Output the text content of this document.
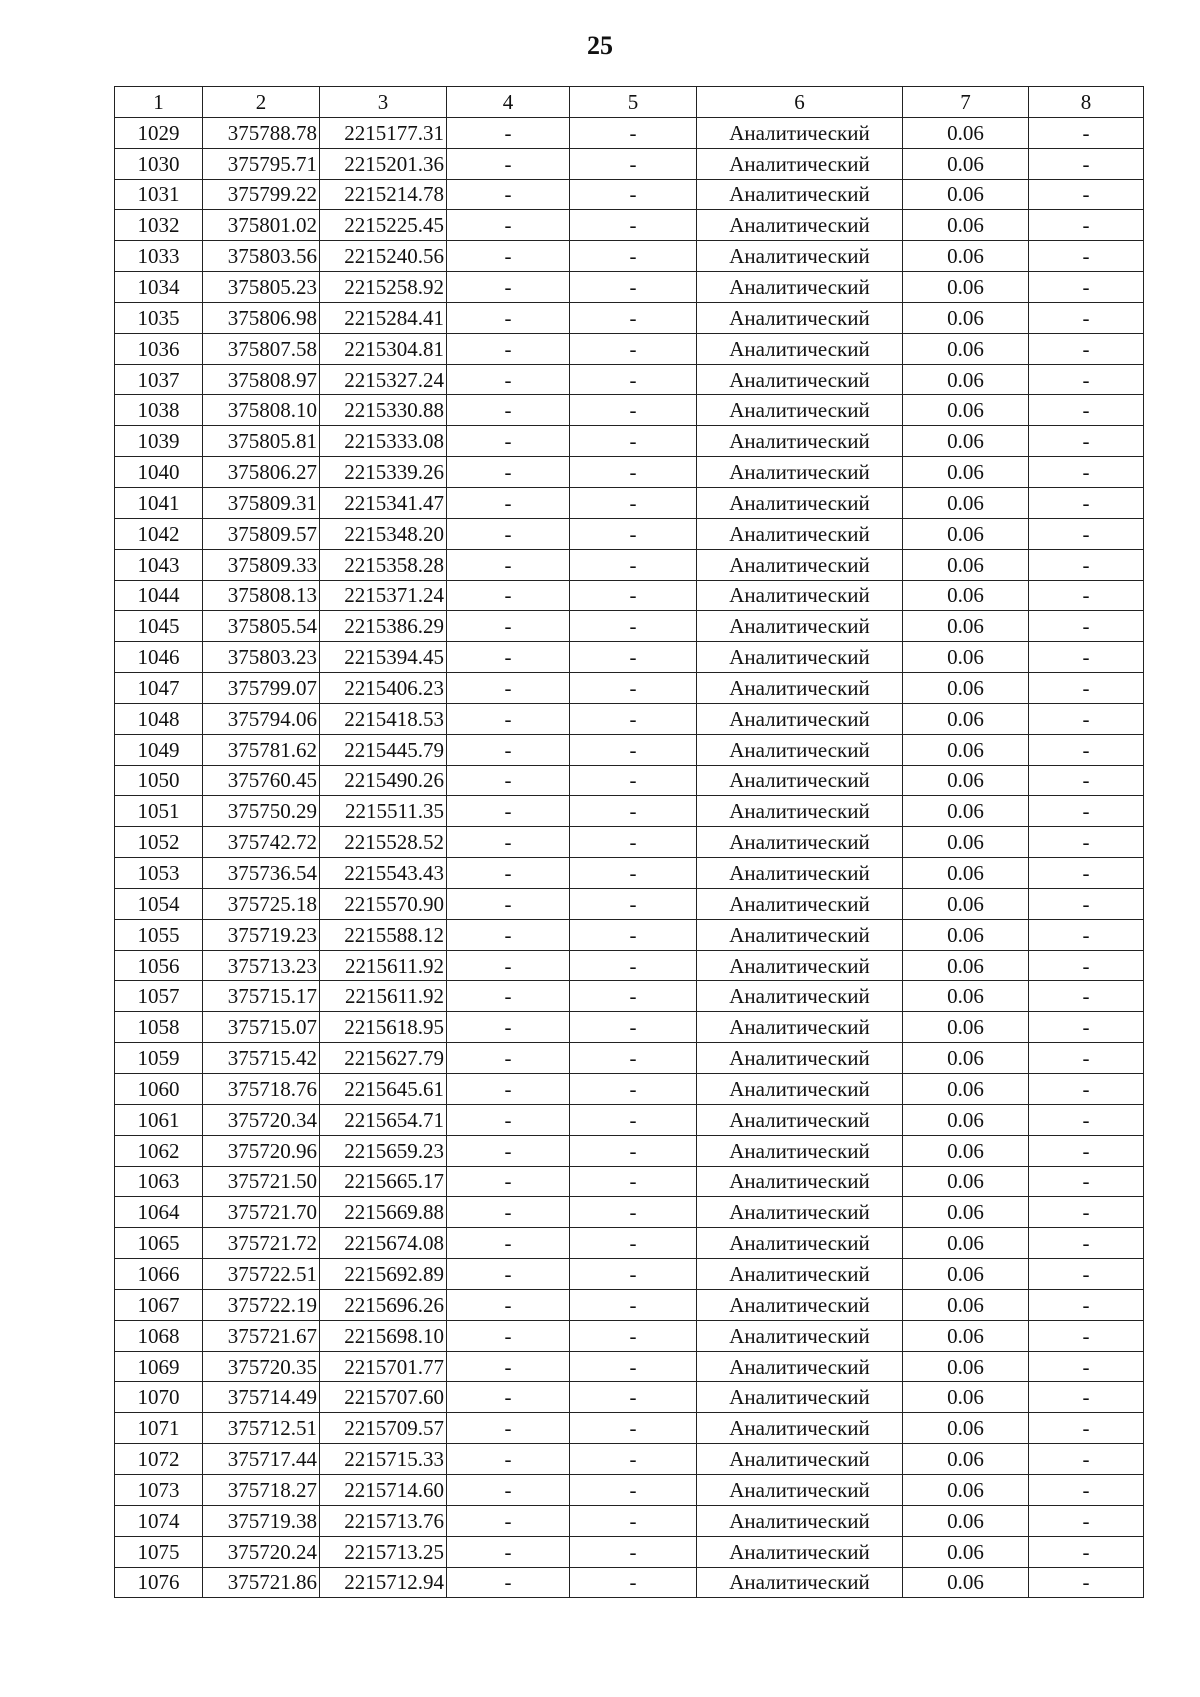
25
1	2	3	4	5	6	7	8
1029	375788.78	2215177.31	-	-	Аналитический	0.06	-
1030	375795.71	2215201.36	-	-	Аналитический	0.06	-
1031	375799.22	2215214.78	-	-	Аналитический	0.06	-
1032	375801.02	2215225.45	-	-	Аналитический	0.06	-
1033	375803.56	2215240.56	-	-	Аналитический	0.06	-
1034	375805.23	2215258.92	-	-	Аналитический	0.06	-
1035	375806.98	2215284.41	-	-	Аналитический	0.06	-
1036	375807.58	2215304.81	-	-	Аналитический	0.06	-
1037	375808.97	2215327.24	-	-	Аналитический	0.06	-
1038	375808.10	2215330.88	-	-	Аналитический	0.06	-
1039	375805.81	2215333.08	-	-	Аналитический	0.06	-
1040	375806.27	2215339.26	-	-	Аналитический	0.06	-
1041	375809.31	2215341.47	-	-	Аналитический	0.06	-
1042	375809.57	2215348.20	-	-	Аналитический	0.06	-
1043	375809.33	2215358.28	-	-	Аналитический	0.06	-
1044	375808.13	2215371.24	-	-	Аналитический	0.06	-
1045	375805.54	2215386.29	-	-	Аналитический	0.06	-
1046	375803.23	2215394.45	-	-	Аналитический	0.06	-
1047	375799.07	2215406.23	-	-	Аналитический	0.06	-
1048	375794.06	2215418.53	-	-	Аналитический	0.06	-
1049	375781.62	2215445.79	-	-	Аналитический	0.06	-
1050	375760.45	2215490.26	-	-	Аналитический	0.06	-
1051	375750.29	2215511.35	-	-	Аналитический	0.06	-
1052	375742.72	2215528.52	-	-	Аналитический	0.06	-
1053	375736.54	2215543.43	-	-	Аналитический	0.06	-
1054	375725.18	2215570.90	-	-	Аналитический	0.06	-
1055	375719.23	2215588.12	-	-	Аналитический	0.06	-
1056	375713.23	2215611.92	-	-	Аналитический	0.06	-
1057	375715.17	2215611.92	-	-	Аналитический	0.06	-
1058	375715.07	2215618.95	-	-	Аналитический	0.06	-
1059	375715.42	2215627.79	-	-	Аналитический	0.06	-
1060	375718.76	2215645.61	-	-	Аналитический	0.06	-
1061	375720.34	2215654.71	-	-	Аналитический	0.06	-
1062	375720.96	2215659.23	-	-	Аналитический	0.06	-
1063	375721.50	2215665.17	-	-	Аналитический	0.06	-
1064	375721.70	2215669.88	-	-	Аналитический	0.06	-
1065	375721.72	2215674.08	-	-	Аналитический	0.06	-
1066	375722.51	2215692.89	-	-	Аналитический	0.06	-
1067	375722.19	2215696.26	-	-	Аналитический	0.06	-
1068	375721.67	2215698.10	-	-	Аналитический	0.06	-
1069	375720.35	2215701.77	-	-	Аналитический	0.06	-
1070	375714.49	2215707.60	-	-	Аналитический	0.06	-
1071	375712.51	2215709.57	-	-	Аналитический	0.06	-
1072	375717.44	2215715.33	-	-	Аналитический	0.06	-
1073	375718.27	2215714.60	-	-	Аналитический	0.06	-
1074	375719.38	2215713.76	-	-	Аналитический	0.06	-
1075	375720.24	2215713.25	-	-	Аналитический	0.06	-
1076	375721.86	2215712.94	-	-	Аналитический	0.06	-
